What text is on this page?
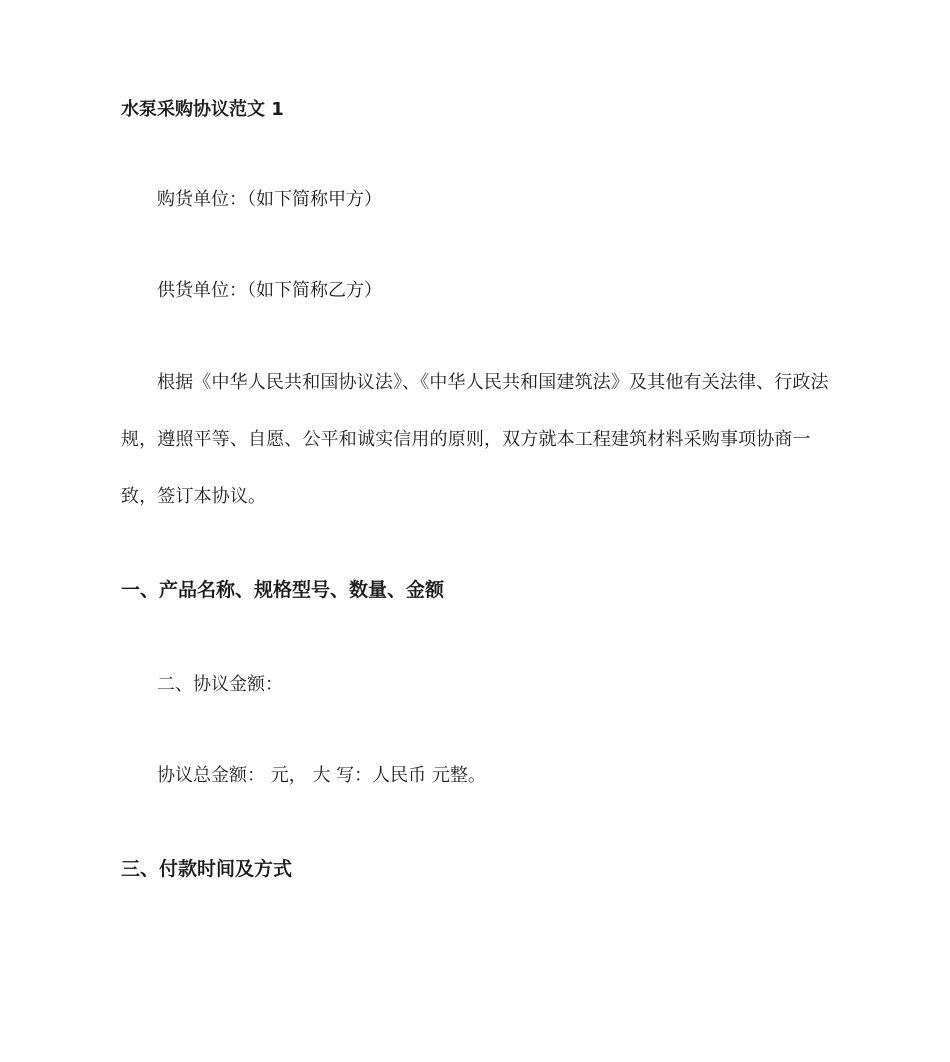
水泵采购协议范文 1

购货单位：（如下简称甲方）

供货单位：（如下简称乙方）

根据《中华人民共和国协议法》、《中华人民共和国建筑法》及其他有关法律、行政法规，遵照平等、自愿、公平和诚实信用的原则，双方就本工程建筑材料采购事项协商一致，签订本协议。

一、产品名称、规格型号、数量、金额

二、协议金额：

协议总金额： 元， 大 写：人民币 元整。

三、付款时间及方式
